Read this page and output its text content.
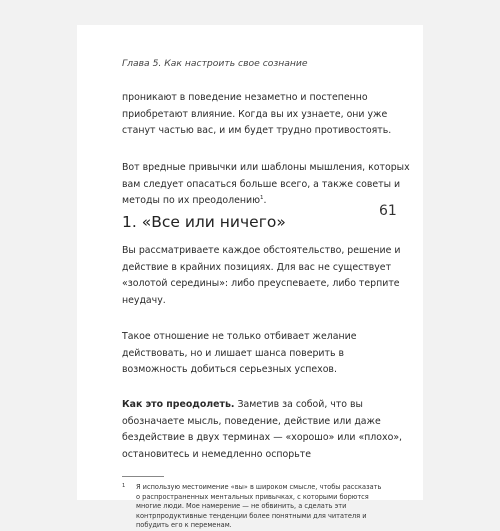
Глава 5. Как настроить свое сознание
проникают в поведение незаметно и постепенно приобретают влияние. Когда вы их узнаете, они уже станут частью вас, и им будет трудно противостоять.
Вот вредные привычки или шаблоны мышления, которых вам следует опасаться больше всего, а также советы и методы по их преодолению$^1$.
1. «Все или ничего»
61
Вы рассматриваете каждое обстоятельство, решение и действие в крайних позициях. Для вас не существует «золотой середины»: либо преуспеваете, либо терпите неудачу.
Такое отношение не только отбивает желание действовать, но и лишает шанса поверить в возможность добиться серьезных успехов.
Как это преодолеть. Заметив за собой, что вы обозначаете мысль, поведение, действие или даже бездействие в двух терминах — «хорошо» или «плохо», остановитесь и немедленно оспорьте
1	Я использую местоимение «вы» в широком смысле, чтобы рассказать о распространенных ментальных привычках, с которыми борются многие люди. Мое намерение — не обвинить, а сделать эти контрпродуктивные тенденции более понятными для читателя и побудить его к переменам.
